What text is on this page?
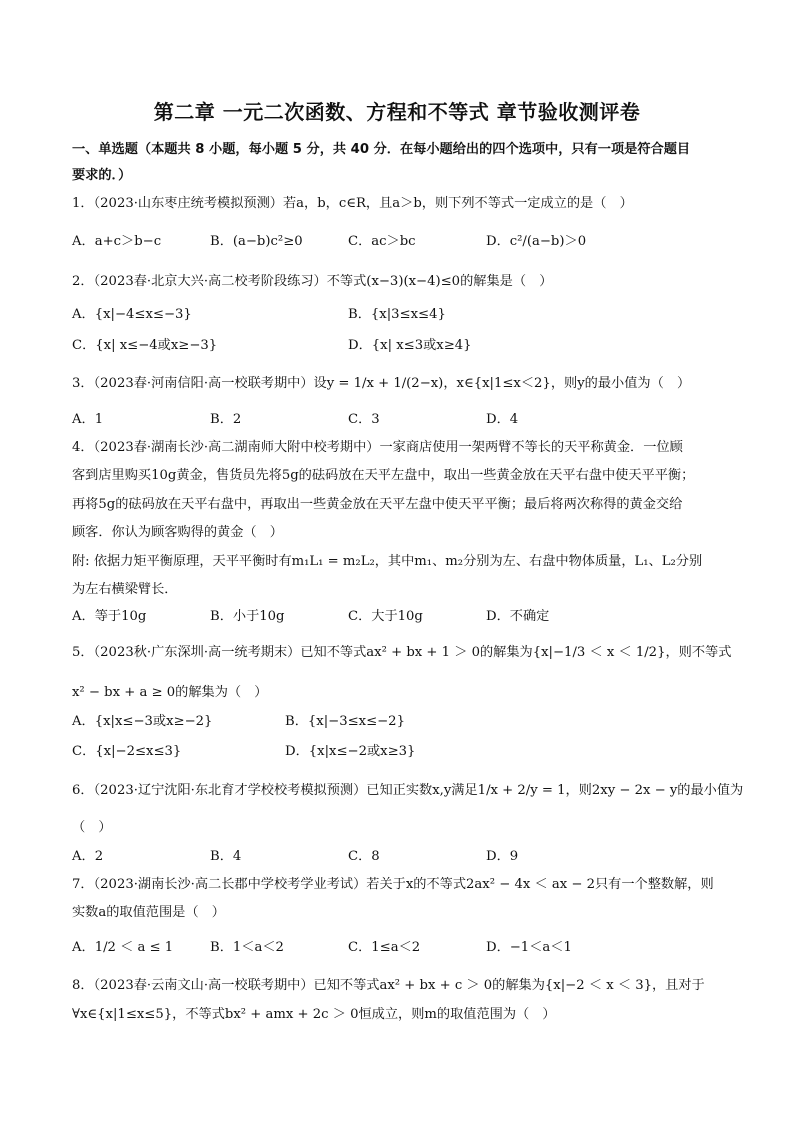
第二章 一元二次函数、方程和不等式 章节验收测评卷
一、单选题（本题共 8 小题，每小题 5 分，共 40 分．在每小题给出的四个选项中，只有一项是符合题目
要求的．）
1．（2023·山东枣庄统考模拟预测）若a，b，c∈R，且a＞b，则下列不等式一定成立的是（　）
A．a+c＞b−c	B．(a−b)c²≥0	C．ac＞bc	D．c²/(a−b)＞0
2．（2023春·北京大兴·高二校考阶段练习）不等式(x−3)(x−4)≤0的解集是（　）
A．{x|−4≤x≤−3}	B．{x|3≤x≤4}
C．{x| x≤−4或x≥−3}	D．{x| x≤3或x≥4}
3．（2023春·河南信阳·高一校联考期中）设y = 1/x + 1/(2−x)，x∈{x|1≤x＜2}，则y的最小值为（　）
A．1	B．2	C．3	D．4
4．（2023春·湖南长沙·高二湖南师大附中校考期中）一家商店使用一架两臂不等长的天平称黄金．一位顾
客到店里购买10g黄金，售货员先将5g的砝码放在天平左盘中，取出一些黄金放在天平右盘中使天平平衡；
再将5g的砝码放在天平右盘中，再取出一些黄金放在天平左盘中使天平平衡；最后将两次称得的黄金交给
顾客．你认为顾客购得的黄金（　）
附: 依据力矩平衡原理，天平平衡时有m₁L₁ = m₂L₂，其中m₁、m₂分别为左、右盘中物体质量，L₁、L₂分别
为左右横梁臂长．
A．等于10g	B．小于10g	C．大于10g	D．不确定
5．（2023秋·广东深圳·高一统考期末）已知不等式ax² + bx + 1 ＞ 0的解集为{x|−1/3 ＜ x ＜ 1/2}，则不等式
x² − bx + a ≥ 0的解集为（　）
A．{x|x≤−3或x≥−2}	B．{x|−3≤x≤−2}
C．{x|−2≤x≤3}	D．{x|x≤−2或x≥3}
6．（2023·辽宁沈阳·东北育才学校校考模拟预测）已知正实数x,y满足1/x + 2/y = 1，则2xy − 2x − y的最小值为
（　）
A．2	B．4	C．8	D．9
7．（2023·湖南长沙·高二长郡中学校考学业考试）若关于x的不等式2ax² − 4x ＜ ax − 2只有一个整数解，则
实数a的取值范围是（　）
A．1/2 ＜ a ≤ 1	B．1＜a＜2	C．1≤a＜2	D．−1＜a＜1
8．（2023春·云南文山·高一校联考期中）已知不等式ax² + bx + c ＞ 0的解集为{x|−2 ＜ x ＜ 3}，且对于
∀x∈{x|1≤x≤5}，不等式bx² + amx + 2c ＞ 0恒成立，则m的取值范围为（　）
